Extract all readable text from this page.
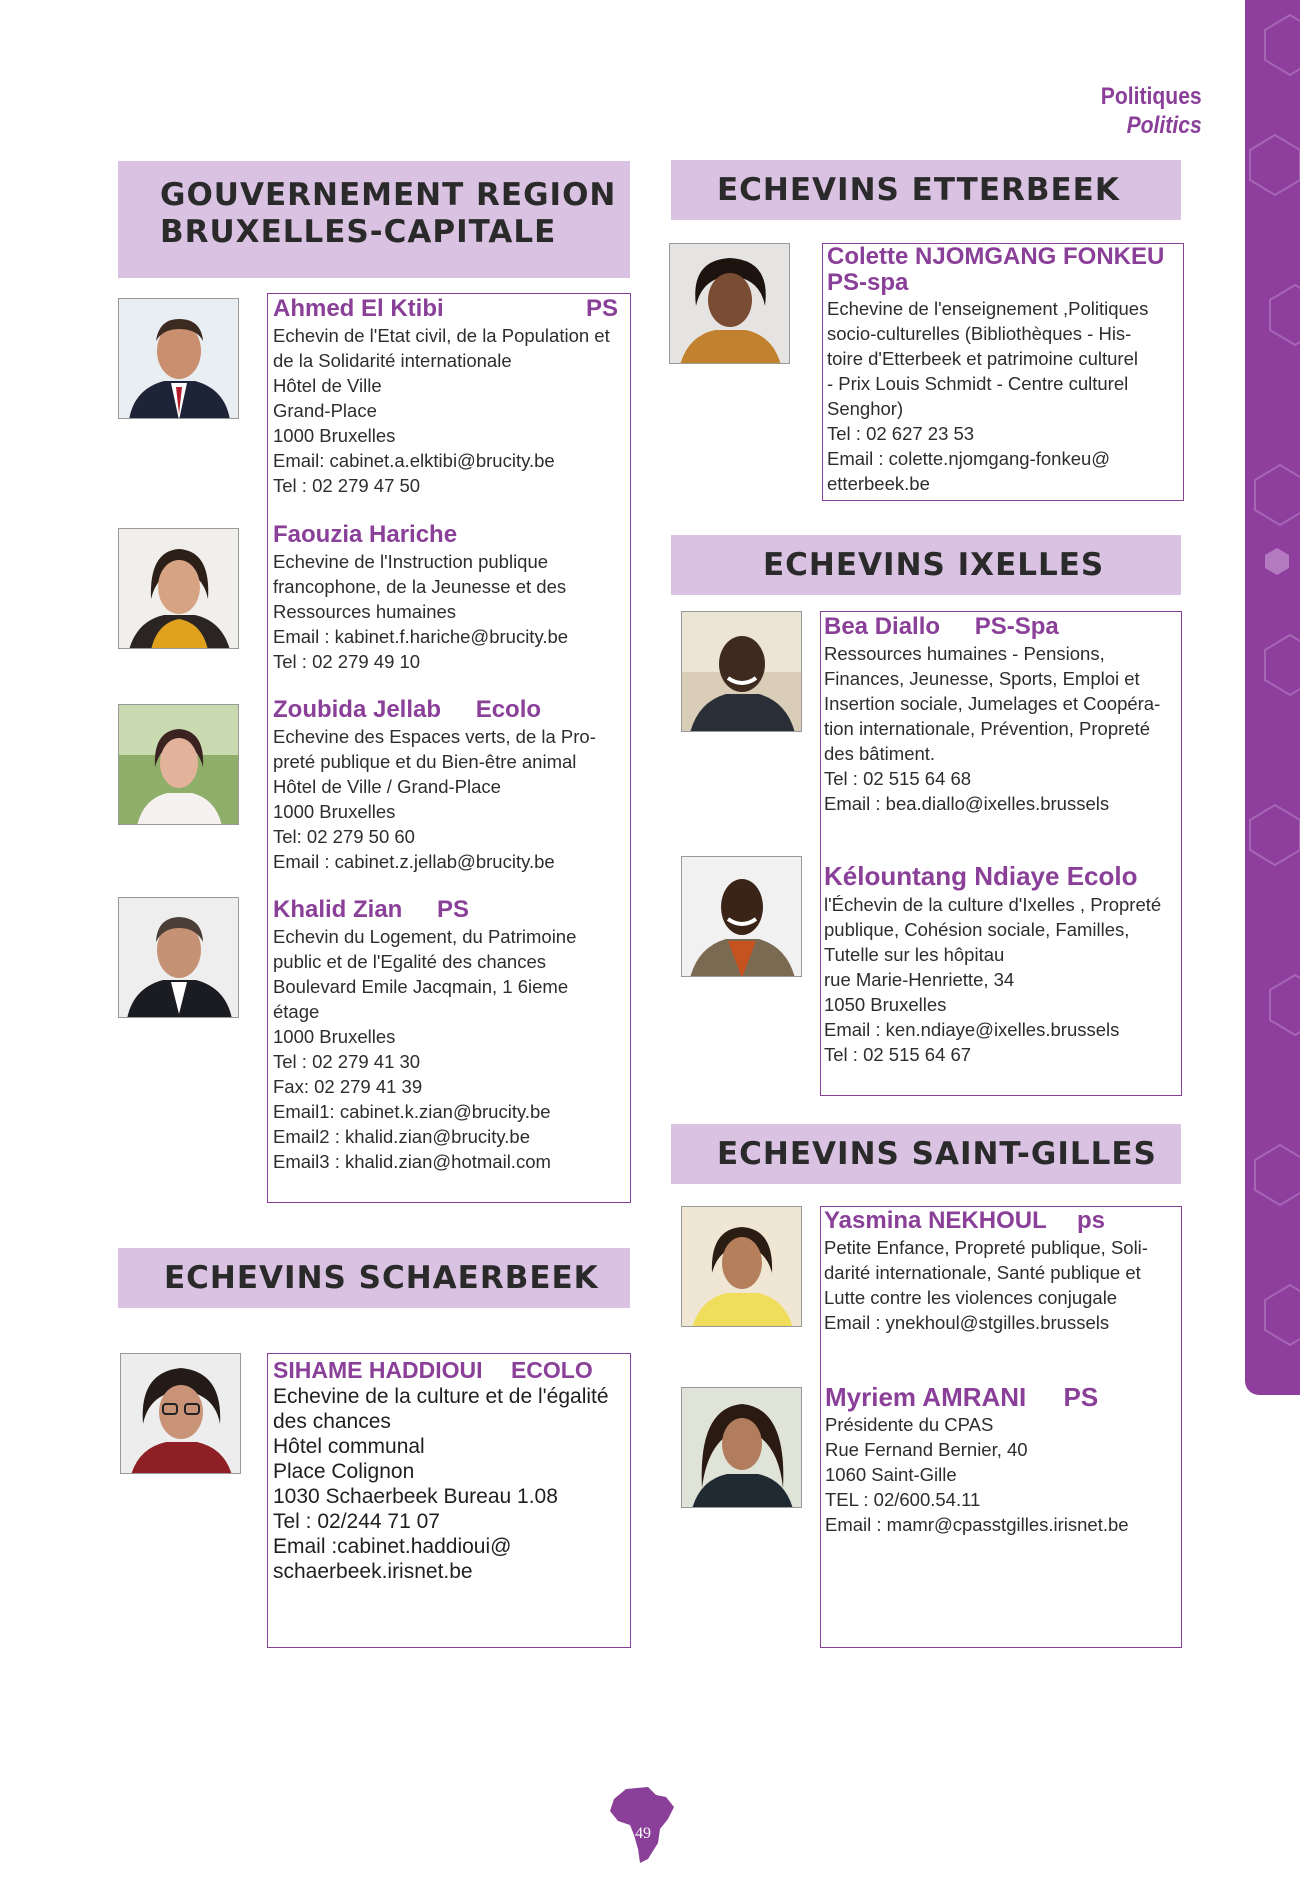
Politiques
Politics
GOUVERNEMENT REGION
BRUXELLES-CAPITALE
Ahmed El Ktibi	PS
Echevin de l'Etat civil, de la Population et
de la Solidarité internationale
Hôtel de Ville
Grand-Place
1000 Bruxelles
Email: cabinet.a.elktibi@brucity.be
Tel : 02 279 47 50
Faouzia Hariche
Echevine de l'Instruction publique
francophone, de la Jeunesse et des
Ressources humaines
Email : kabinet.f.hariche@brucity.be
Tel : 02 279 49 10
Zoubida Jellab Ecolo
Echevine des Espaces verts, de la Pro-
preté publique et du Bien-être animal
Hôtel de Ville / Grand-Place
1000 Bruxelles
Tel: 02 279 50 60
Email : cabinet.z.jellab@brucity.be
Khalid Zian PS
Echevin du Logement, du Patrimoine
public et de l'Egalité des chances
Boulevard Emile Jacqmain, 1 6ieme
étage
1000 Bruxelles
Tel : 02 279 41 30
Fax: 02 279 41 39
Email1: cabinet.k.zian@brucity.be
Email2 : khalid.zian@brucity.be
Email3 : khalid.zian@hotmail.com
ECHEVINS SCHAERBEEK
SIHAME HADDIOUI ECOLO
Echevine de la culture et de l'égalité
des chances
Hôtel communal
Place Colignon
1030 Schaerbeek Bureau 1.08
Tel : 02/244 71 07
Email :cabinet.haddioui@
schaerbeek.irisnet.be
ECHEVINS ETTERBEEK
Colette NJOMGANG FONKEU
PS-spa
Echevine de l'enseignement ,Politiques
socio-culturelles (Bibliothèques - His-
toire d'Etterbeek et patrimoine culturel
- Prix Louis Schmidt - Centre culturel
Senghor)
Tel : 02 627 23 53
Email : colette.njomgang-fonkeu@
etterbeek.be
ECHEVINS IXELLES
Bea Diallo PS-Spa
Ressources humaines - Pensions,
Finances, Jeunesse, Sports, Emploi et
Insertion sociale, Jumelages et Coopéra-
tion internationale, Prévention, Propreté
des bâtiment.
Tel : 02 515 64 68
Email : bea.diallo@ixelles.brussels
Kélountang Ndiaye Ecolo
l'Échevin de la culture d'Ixelles , Propreté
publique, Cohésion sociale, Familles,
Tutelle sur les hôpitau
rue Marie-Henriette, 34
1050 Bruxelles
Email : ken.ndiaye@ixelles.brussels
Tel : 02 515 64 67
ECHEVINS SAINT-GILLES
Yasmina NEKHOUL ps
Petite Enfance, Propreté publique, Soli-
darité internationale, Santé publique et
Lutte contre les violences conjugale
Email : ynekhoul@stgilles.brussels
Myriem AMRANI PS
Présidente du CPAS
Rue Fernand Bernier, 40
1060 Saint-Gille
TEL : 02/600.54.11
Email : mamr@cpasstgilles.irisnet.be
49
